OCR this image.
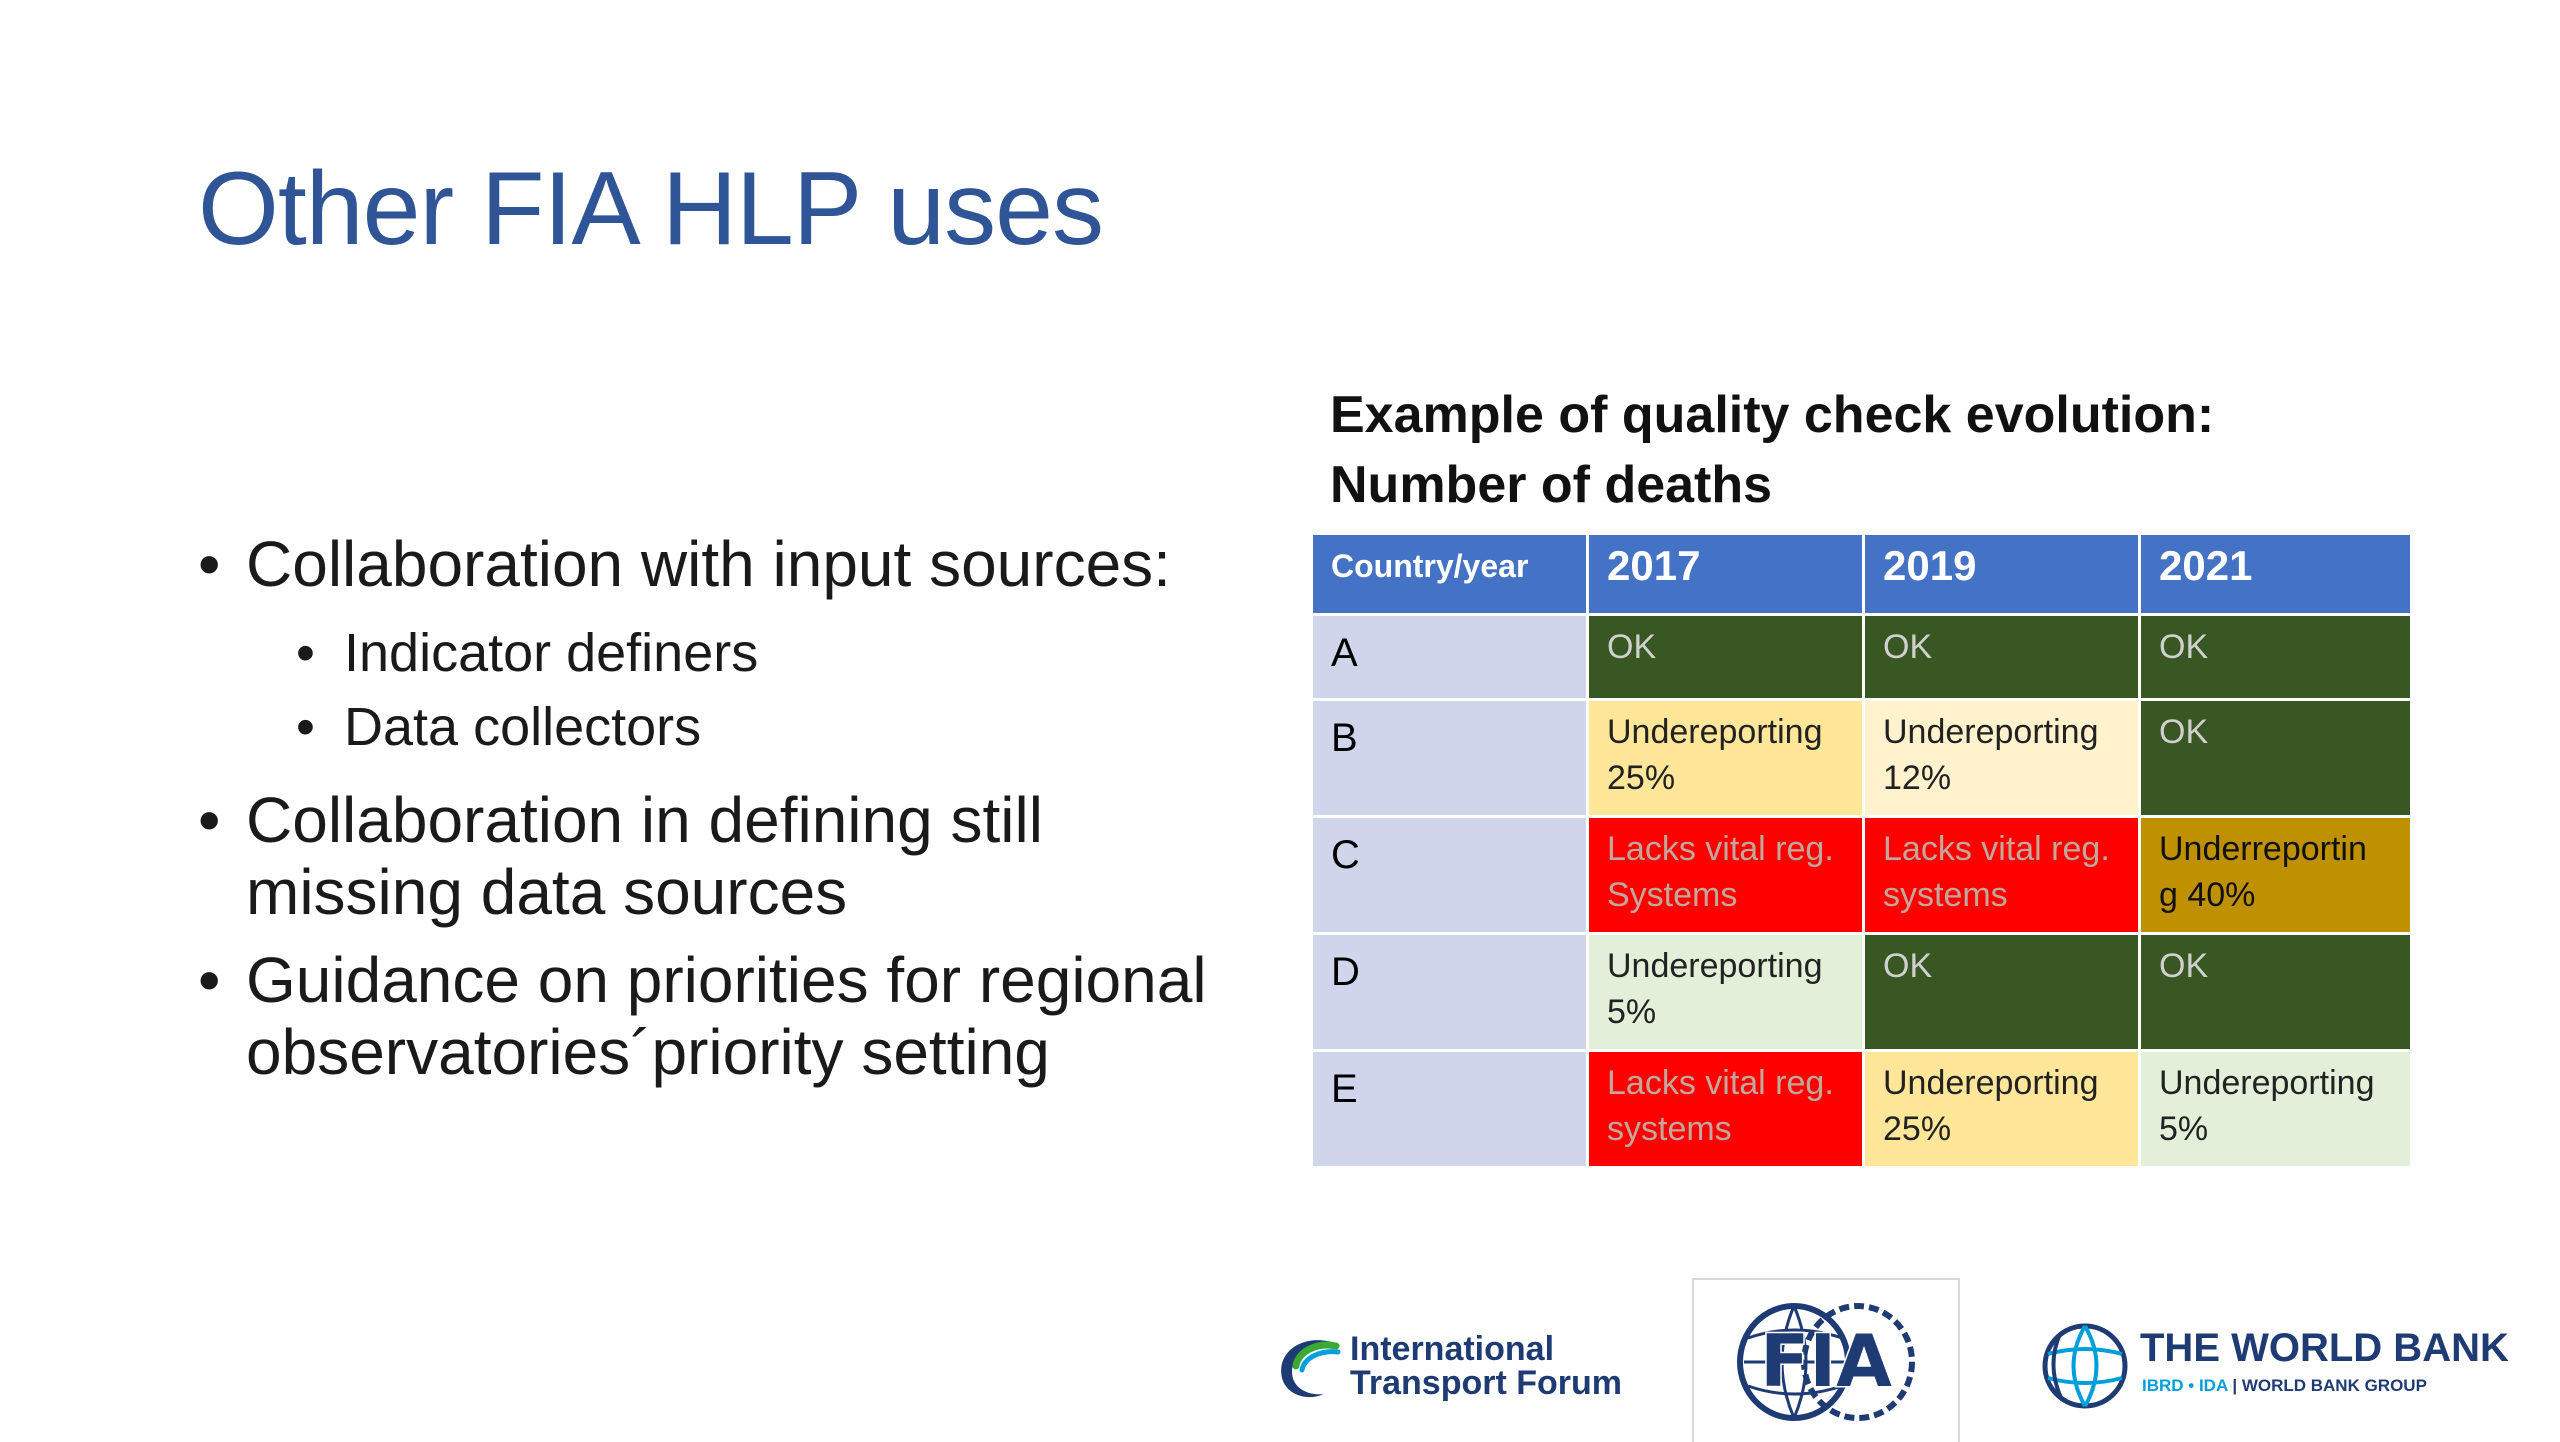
Other FIA HLP uses
• Collaboration with input sources:
• Indicator definers
• Data collectors
• Collaboration in defining still missing data sources
• Guidance on priorities for regional observatories´priority setting
Example of quality check evolution:
Number of deaths
Country/year	2017	2019	2021
A	OK	OK	OK
B	Undereporting 25%	Undereporting 12%	OK
C	Lacks vital reg. Systems	Lacks vital reg. systems	Underreportin g 40%
D	Undereporting 5%	OK	OK
E	Lacks vital reg. systems	Undereporting 25%	Undereporting 5%
International
Transport Forum FIA	THE WORLD BANK
IBRD • IDA | WORLD BANK GROUP
